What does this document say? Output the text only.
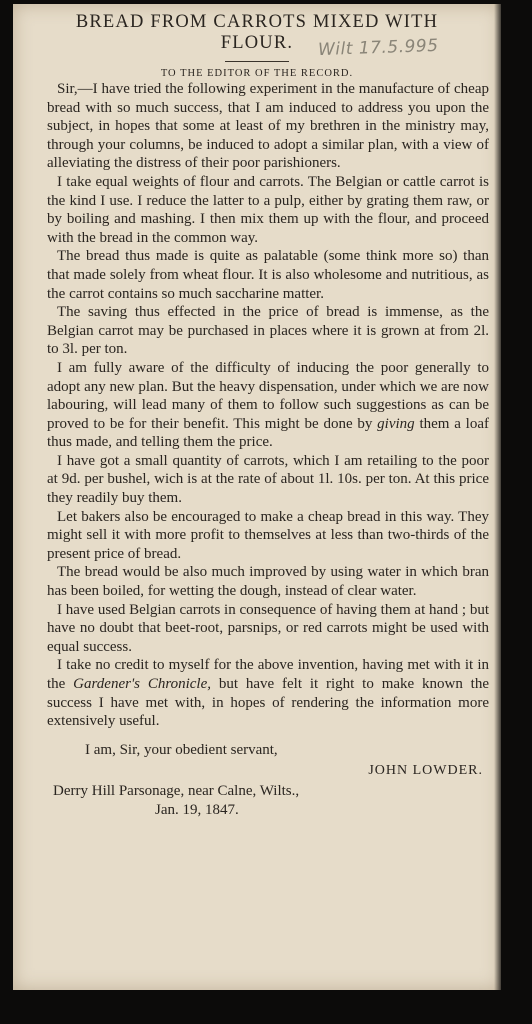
BREAD FROM CARROTS MIXED WITH
FLOUR.	Wilt 17.5.995
TO THE EDITOR OF THE RECORD.

Sir,—I have tried the following experiment in the manufacture of cheap bread with so much success, that I am induced to address you upon the subject, in hopes that some at least of my brethren in the ministry may, through your columns, be induced to adopt a similar plan, with a view of alleviating the distress of their poor parishioners.

I take equal weights of flour and carrots. The Belgian or cattle carrot is the kind I use. I reduce the latter to a pulp, either by grating them raw, or by boiling and mashing. I then mix them up with the flour, and proceed with the bread in the common way.

The bread thus made is quite as palatable (some think more so) than that made solely from wheat flour. It is also wholesome and nutritious, as the carrot contains so much saccharine matter.

The saving thus effected in the price of bread is immense, as the Belgian carrot may be purchased in places where it is grown at from 2l. to 3l. per ton.

I am fully aware of the difficulty of inducing the poor generally to adopt any new plan. But the heavy dispensation, under which we are now labouring, will lead many of them to follow such suggestions as can be proved to be for their benefit. This might be done by giving them a loaf thus made, and telling them the price.

I have got a small quantity of carrots, which I am retailing to the poor at 9d. per bushel, wich is at the rate of about 1l. 10s. per ton. At this price they readily buy them.

Let bakers also be encouraged to make a cheap bread in this way. They might sell it with more profit to themselves at less than two-thirds of the present price of bread.

The bread would be also much improved by using water in which bran has been boiled, for wetting the dough, instead of clear water.

I have used Belgian carrots in consequence of having them at hand ; but have no doubt that beet-root, parsnips, or red carrots might be used with equal success.

I take no credit to myself for the above invention, having met with it in the Gardener's Chronicle, but have felt it right to make known the success I have met with, in hopes of rendering the information more extensively useful.

I am, Sir, your obedient servant,
JOHN LOWDER.
Derry Hill Parsonage, near Calne, Wilts.,
Jan. 19, 1847.
